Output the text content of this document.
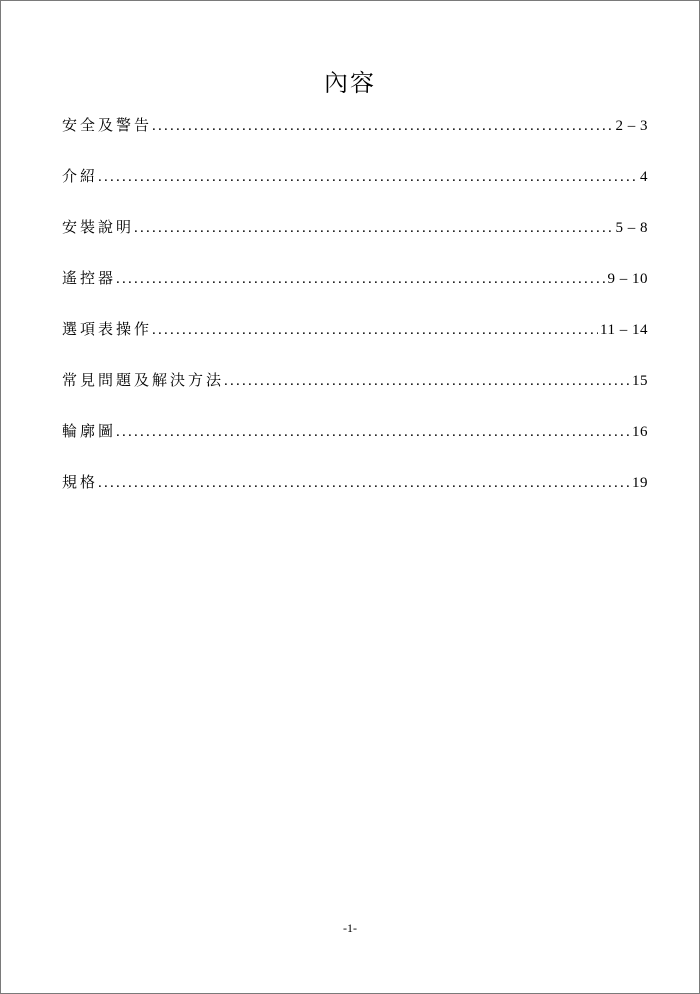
內容
安全及警告 . . .	2 – 3
介紹 . . .	4
安裝說明 . . .	5 – 8
遙控器 . . .	9 – 10
選項表操作 . . .	11 – 14
常見問題及解決方法 . . .	15
輪廓圖 . . .	16
規格 . . .	19
-1-
